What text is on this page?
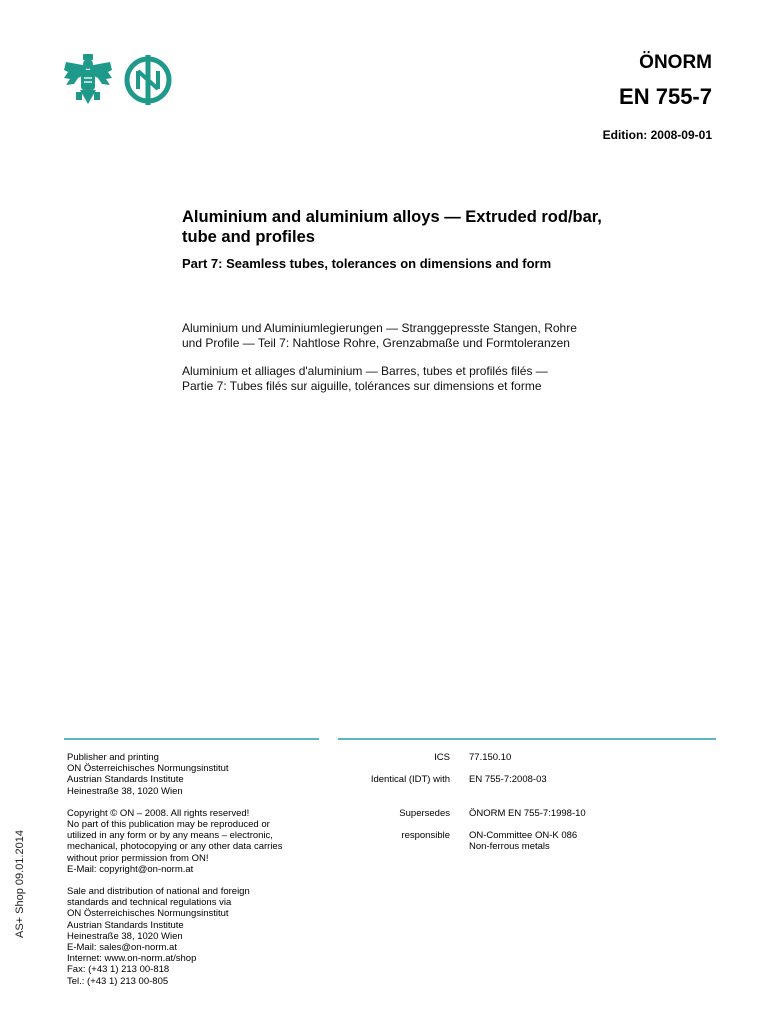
ÖNORM
EN 755-7
Edition: 2008-09-01
Aluminium and aluminium alloys — Extruded rod/bar,
tube and profiles
Part 7: Seamless tubes, tolerances on dimensions and form
Aluminium und Aluminiumlegierungen — Stranggepresste Stangen, Rohre
und Profile — Teil 7: Nahtlose Rohre, Grenzabmaße und Formtoleranzen
Aluminium et alliages d'aluminium — Barres, tubes et profilés filés —
Partie 7: Tubes filés sur aiguille, tolérances sur dimensions et forme
Publisher and printing
ON Österreichisches Normungsinstitut
Austrian Standards Institute
Heinestraße 38, 1020 Wien
Copyright © ON – 2008. All rights reserved!
No part of this publication may be reproduced or
utilized in any form or by any means – electronic,
mechanical, photocopying or any other data carries
without prior permission from ON!
E-Mail: copyright@on-norm.at
Sale and distribution of national and foreign
standards and technical regulations via
ON Österreichisches Normungsinstitut
Austrian Standards Institute
Heinestraße 38, 1020 Wien
E-Mail: sales@on-norm.at
Internet: www.on-norm.at/shop
Fax: (+43 1) 213 00-818
Tel.: (+43 1) 213 00-805
ICS 77.150.10
Identical (IDT) with EN 755-7:2008-03
Supersedes ÖNORM EN 755-7:1998-10
responsible ON-Committee ON-K 086
Non-ferrous metals
AS+ Shop 09.01.2014
